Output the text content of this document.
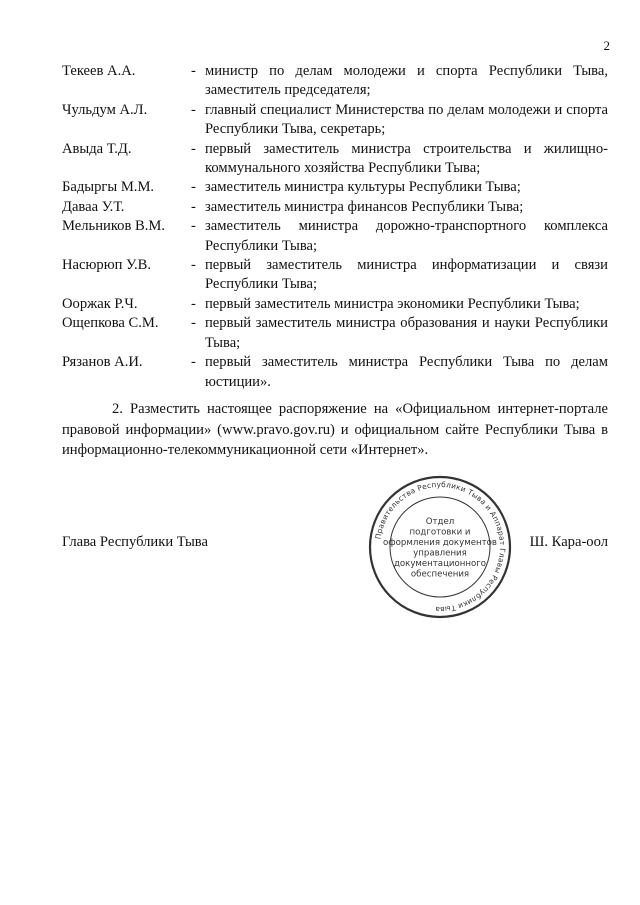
2
Текеев А.А.	- министр по делам молодежи и спорта Республики Тыва, заместитель председателя;
Чульдум А.Л.	- главный специалист Министерства по делам молодежи и спорта Республики Тыва, секретарь;
Авыда Т.Д.	- первый заместитель министра строительства и жилищно-коммунального хозяйства Республики Тыва;
Бадыргы М.М.	- заместитель министра культуры Республики Тыва;
Даваа У.Т.	- заместитель министра финансов Республики Тыва;
Мельников В.М.	- заместитель министра дорожно-транспортного комплекса Республики Тыва;
Насюрюп У.В.	- первый заместитель министра информатизации и связи Республики Тыва;
Ооржак Р.Ч.	- первый заместитель министра экономики Республики Тыва;
Ощепкова С.М.	- первый заместитель министра образования и науки Республики Тыва;
Рязанов А.И.	- первый заместитель министра Республики Тыва по делам юстиции».
2. Разместить настоящее распоряжение на «Официальном интернет-портале правовой информации» (www.pravo.gov.ru) и официальном сайте Республики Тыва в информационно-телекоммуникационной сети «Интернет».
Глава Республики Тыва	Ш. Кара-оол
Правительства Республики Тыва и Аппарат Главы Республики Тыва
Отдел
подготовки и
оформления документов
управления
документационного
обеспечения
